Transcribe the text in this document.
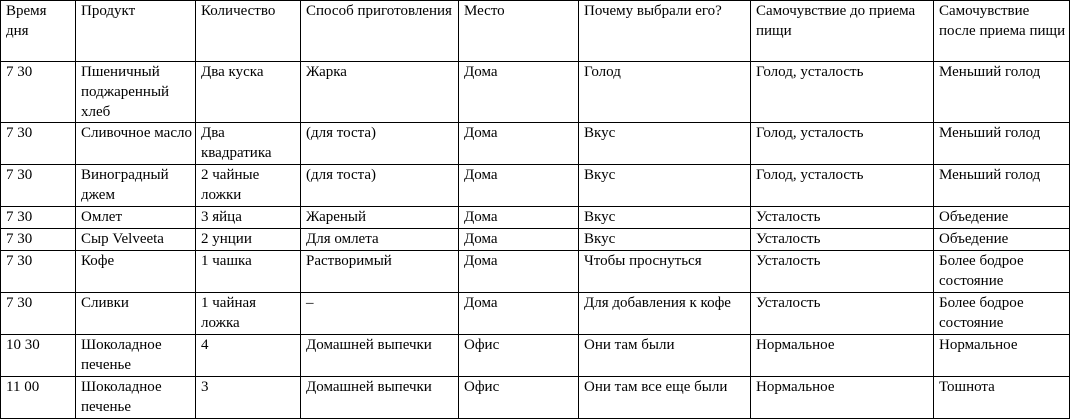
Время дня	Продукт	Количество	Способ приготовления	Место	Почему выбрали его?	Самочувствие до приема пищи	Самочувствие после приема пищи
7 30	Пшеничный поджаренный хлеб	Два куска	Жарка	Дома	Голод	Голод, усталость	Меньший голод
7 30	Сливочное масло	Два квадратика	(для тоста)	Дома	Вкус	Голод, усталость	Меньший голод
7 30	Виноградный джем	2 чайные ложки	(для тоста)	Дома	Вкус	Голод, усталость	Меньший голод
7 30	Омлет	3 яйца	Жареный	Дома	Вкус	Усталость	Объедение
7 30	Сыр Velveeta	2 унции	Для омлета	Дома	Вкус	Усталость	Объедение
7 30	Кофе	1 чашка	Растворимый	Дома	Чтобы проснуться	Усталость	Более бодрое состояние
7 30	Сливки	1 чайная ложка	–	Дома	Для добавления к кофе	Усталость	Более бодрое состояние
10 30	Шоколадное печенье	4	Домашней выпечки	Офис	Они там были	Нормальное	Нормальное
11 00	Шоколадное печенье	3	Домашней выпечки	Офис	Они там все еще были	Нормальное	Тошнота
